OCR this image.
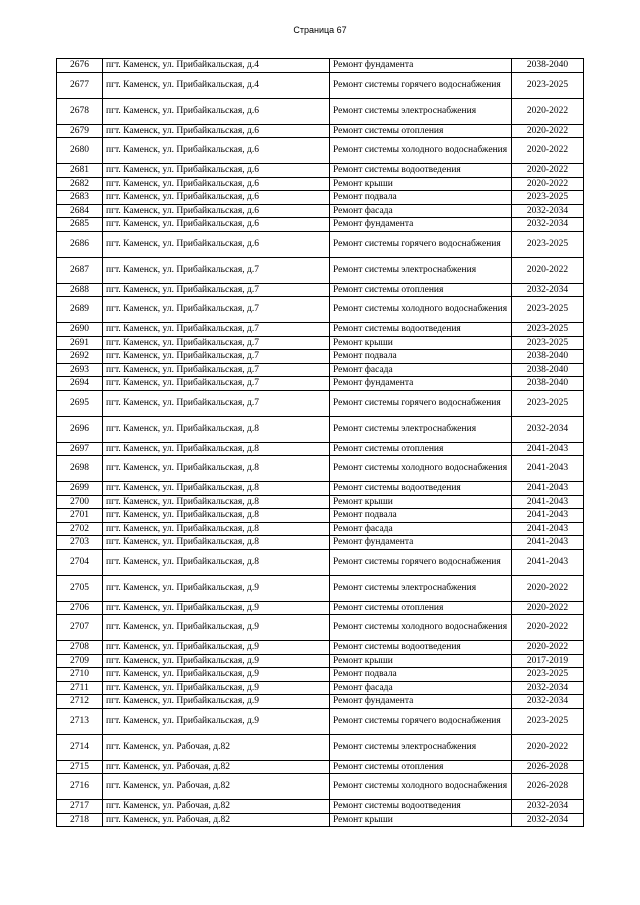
Страница 67
2676	пгт. Каменск, ул. Прибайкальская, д.4	Ремонт фундамента	2038-2040
2677	пгт. Каменск, ул. Прибайкальская, д.4	Ремонт системы горячего водоснабжения	2023-2025
2678	пгт. Каменск, ул. Прибайкальская, д.6	Ремонт системы электроснабжения	2020-2022
2679	пгт. Каменск, ул. Прибайкальская, д.6	Ремонт системы отопления	2020-2022
2680	пгт. Каменск, ул. Прибайкальская, д.6	Ремонт системы холодного водоснабжения	2020-2022
2681	пгт. Каменск, ул. Прибайкальская, д.6	Ремонт системы водоотведения	2020-2022
2682	пгт. Каменск, ул. Прибайкальская, д.6	Ремонт крыши	2020-2022
2683	пгт. Каменск, ул. Прибайкальская, д.6	Ремонт подвала	2023-2025
2684	пгт. Каменск, ул. Прибайкальская, д.6	Ремонт фасада	2032-2034
2685	пгт. Каменск, ул. Прибайкальская, д.6	Ремонт фундамента	2032-2034
2686	пгт. Каменск, ул. Прибайкальская, д.6	Ремонт системы горячего водоснабжения	2023-2025
2687	пгт. Каменск, ул. Прибайкальская, д.7	Ремонт системы электроснабжения	2020-2022
2688	пгт. Каменск, ул. Прибайкальская, д.7	Ремонт системы отопления	2032-2034
2689	пгт. Каменск, ул. Прибайкальская, д.7	Ремонт системы холодного водоснабжения	2023-2025
2690	пгт. Каменск, ул. Прибайкальская, д.7	Ремонт системы водоотведения	2023-2025
2691	пгт. Каменск, ул. Прибайкальская, д.7	Ремонт крыши	2023-2025
2692	пгт. Каменск, ул. Прибайкальская, д.7	Ремонт подвала	2038-2040
2693	пгт. Каменск, ул. Прибайкальская, д.7	Ремонт фасада	2038-2040
2694	пгт. Каменск, ул. Прибайкальская, д.7	Ремонт фундамента	2038-2040
2695	пгт. Каменск, ул. Прибайкальская, д.7	Ремонт системы горячего водоснабжения	2023-2025
2696	пгт. Каменск, ул. Прибайкальская, д.8	Ремонт системы электроснабжения	2032-2034
2697	пгт. Каменск, ул. Прибайкальская, д.8	Ремонт системы отопления	2041-2043
2698	пгт. Каменск, ул. Прибайкальская, д.8	Ремонт системы холодного водоснабжения	2041-2043
2699	пгт. Каменск, ул. Прибайкальская, д.8	Ремонт системы водоотведения	2041-2043
2700	пгт. Каменск, ул. Прибайкальская, д.8	Ремонт крыши	2041-2043
2701	пгт. Каменск, ул. Прибайкальская, д.8	Ремонт подвала	2041-2043
2702	пгт. Каменск, ул. Прибайкальская, д.8	Ремонт фасада	2041-2043
2703	пгт. Каменск, ул. Прибайкальская, д.8	Ремонт фундамента	2041-2043
2704	пгт. Каменск, ул. Прибайкальская, д.8	Ремонт системы горячего водоснабжения	2041-2043
2705	пгт. Каменск, ул. Прибайкальская, д.9	Ремонт системы электроснабжения	2020-2022
2706	пгт. Каменск, ул. Прибайкальская, д.9	Ремонт системы отопления	2020-2022
2707	пгт. Каменск, ул. Прибайкальская, д.9	Ремонт системы холодного водоснабжения	2020-2022
2708	пгт. Каменск, ул. Прибайкальская, д.9	Ремонт системы водоотведения	2020-2022
2709	пгт. Каменск, ул. Прибайкальская, д.9	Ремонт крыши	2017-2019
2710	пгт. Каменск, ул. Прибайкальская, д.9	Ремонт подвала	2023-2025
2711	пгт. Каменск, ул. Прибайкальская, д.9	Ремонт фасада	2032-2034
2712	пгт. Каменск, ул. Прибайкальская, д.9	Ремонт фундамента	2032-2034
2713	пгт. Каменск, ул. Прибайкальская, д.9	Ремонт системы горячего водоснабжения	2023-2025
2714	пгт. Каменск, ул. Рабочая, д.82	Ремонт системы электроснабжения	2020-2022
2715	пгт. Каменск, ул. Рабочая, д.82	Ремонт системы отопления	2026-2028
2716	пгт. Каменск, ул. Рабочая, д.82	Ремонт системы холодного водоснабжения	2026-2028
2717	пгт. Каменск, ул. Рабочая, д.82	Ремонт системы водоотведения	2032-2034
2718	пгт. Каменск, ул. Рабочая, д.82	Ремонт крыши	2032-2034
